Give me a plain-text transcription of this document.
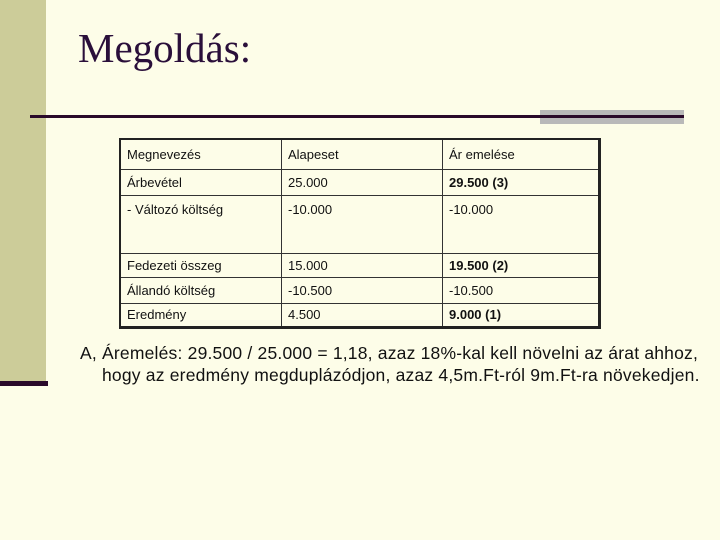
Megoldás:
Megnevezés	Alapeset	Ár emelése
Árbevétel	25.000	29.500 (3)
- Változó költség	-10.000	-10.000
Fedezeti összeg	15.000	19.500 (2)
Állandó költség	-10.500	-10.500
Eredmény	4.500	9.000 (1)

A, Áremelés: 29.500 / 25.000 = 1,18, azaz 18%-kal kell növelni az árat ahhoz, hogy az eredmény megduplázódjon, azaz 4,5m.Ft-ról 9m.Ft-ra növekedjen.
